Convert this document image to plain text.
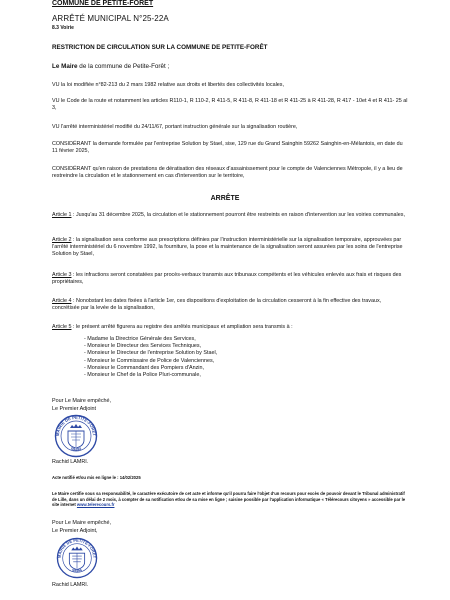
COMMUNE DE PETITE-FORET
ARRÊTÉ MUNICIPAL N°25-22A
8.3 Voirie
RESTRICTION DE CIRCULATION SUR LA COMMUNE DE PETITE-FORÊT
Le Maire de la commune de Petite-Forêt ;
VU la loi modifiée n°82-213 du 2 mars 1982 relative aux droits et libertés des collectivités locales,
VU le Code de la route et notamment les articles R110-1, R 110-2, R 411-5, R 411-8, R 411-18 et R 411-25 à R 411-28, R 417 - 10et 4 et R 411- 25 al 3,
VU l'arrêté interministériel modifié du 24/11/67, portant instruction générale sur la signalisation routière,
CONSIDÉRANT la demande formulée par l'entreprise Solution by Stael, sise, 129 rue du Grand Sainghin 59262 Sainghin-en-Mélantois, en date du 11 février 2025,
CONSIDÉRANT qu'en raison de prestations de dératisation des réseaux d'assainissement pour le compte de Valenciennes Métropole, il y a lieu de restreindre la circulation et le stationnement en cas d'intervention sur le territoire,
ARRÊTE
Article 1 : Jusqu'au 31 décembre 2025, la circulation et le stationnement pourront être restreints en raison d'intervention sur les voiries communales,
Article 2 : la signalisation sera conforme aux prescriptions définies par l'instruction interministérielle sur la signalisation temporaire, approuvées par l'arrêté interministériel du 6 novembre 1992, la fourniture, la pose et la maintenance de la signalisation seront assurées par les soins de l'entreprise Solution by Stael,
Article 3 : les infractions seront constatées par procès-verbaux transmis aux tribunaux compétents et les véhicules enlevés aux frais et risques des propriétaires,
Article 4 : Nonobstant les dates fixées à l'article 1er, ces dispositions d'exploitation de la circulation cesseront à la fin effective des travaux, concrétisée par la levée de la signalisation,
Article 5 : le présent arrêté figurera au registre des arrêtés municipaux et ampliation sera transmis à :
- Madame la Directrice Générale des Services,
- Monsieur le Directeur des Services Techniques,
- Monsieur le Directeur de l'entreprise Solution by Stael,
- Monsieur le Commissaire de Police de Valenciennes,
- Monsieur le Commandant des Pompiers d'Anzin,
- Monsieur le Chef de la Police Pluri-communale,
Pour Le Maire empêché,
Le Premier Adjoint
MAIRIE DE PETITE-FORÊT
59494
Rachid LAMRI.
Acte notifié et/ou mis en ligne le : 14/02/2025
Le Maire certifie sous sa responsabilité, le caractère exécutoire de cet acte et informe qu'il pourra faire l'objet d'un recours pour excès de pouvoir devant le Tribunal administratif de Lille, dans un délai de 2 mois, à compter de sa notification et/ou de sa mise en ligne ; saisine possible par l'application informatique « Télérecours citoyens » accessible par le site internet www.telerecours.fr
Pour Le Maire empêché,
Le Premier Adjoint,
MAIRIE DE PETITE-FORÊT
59494
Rachid LAMRI.
